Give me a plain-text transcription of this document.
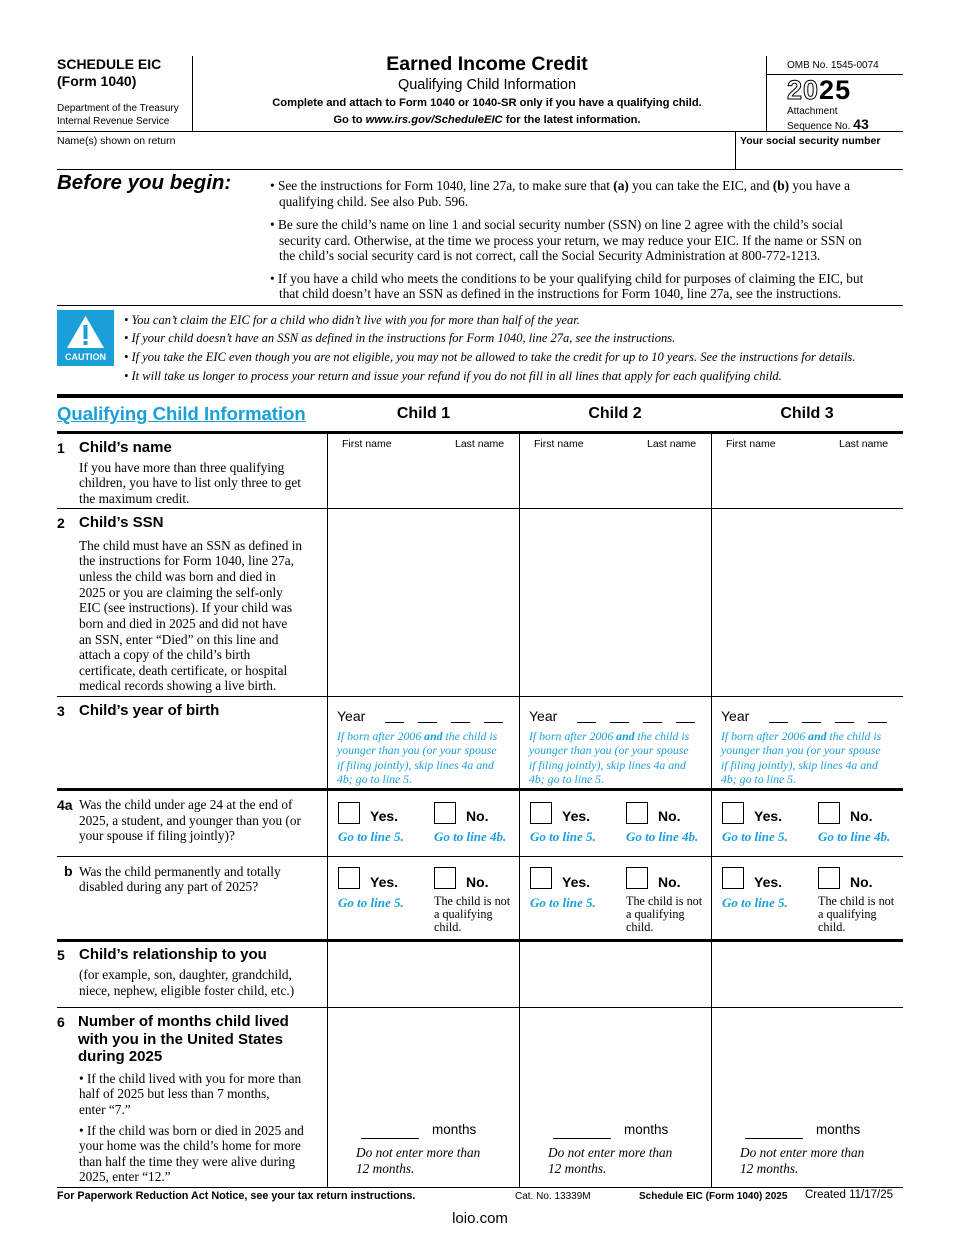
SCHEDULE EIC
(Form 1040)
Department of the Treasury
Internal Revenue Service
Earned Income Credit
Qualifying Child Information
Complete and attach to Form 1040 or 1040-SR only if you have a qualifying child.
Go to www.irs.gov/ScheduleEIC for the latest information.
OMB No. 1545-0074
2025
Attachment
Sequence No. 43
Name(s) shown on return	Your social security number
Before you begin:	• See the instructions for Form 1040, line 27a, to make sure that (a) you can take the EIC, and (b) you have a
qualifying child. See also Pub. 596.
• Be sure the child’s name on line 1 and social security number (SSN) on line 2 agree with the child’s social
security card. Otherwise, at the time we process your return, we may reduce your EIC. If the name or SSN on
the child’s social security card is not correct, call the Social Security Administration at 800-772-1213.
• If you have a child who meets the conditions to be your qualifying child for purposes of claiming the EIC, but
that child doesn’t have an SSN as defined in the instructions for Form 1040, line 27a, see the instructions.
CAUTION
• You can’t claim the EIC for a child who didn’t live with you for more than half of the year.
• If your child doesn’t have an SSN as defined in the instructions for Form 1040, line 27a, see the instructions.
• If you take the EIC even though you are not eligible, you may not be allowed to take the credit for up to 10 years. See the instructions for details.
• It will take us longer to process your return and issue your refund if you do not fill in all lines that apply for each qualifying child.
Qualifying Child Information	Child 1	Child 2	Child 3
1 Child’s name
If you have more than three qualifying
children, you have to list only three to get
the maximum credit.
First name	Last name	First name	Last name	First name	Last name
2 Child’s SSN
The child must have an SSN as defined in
the instructions for Form 1040, line 27a,
unless the child was born and died in
2025 or you are claiming the self-only
EIC (see instructions). If your child was
born and died in 2025 and did not have
an SSN, enter “Died” on this line and
attach a copy of the child’s birth
certificate, death certificate, or hospital
medical records showing a live birth.
3 Child’s year of birth	Year
If born after 2006 and the child is
younger than you (or your spouse
if filing jointly), skip lines 4a and
4b; go to line 5.
Year
If born after 2006 and the child is
younger than you (or your spouse
if filing jointly), skip lines 4a and
4b; go to line 5.
Year
If born after 2006 and the child is
younger than you (or your spouse
if filing jointly), skip lines 4a and
4b; go to line 5.
4a Was the child under age 24 at the end of
2025, a student, and younger than you (or
your spouse if filing jointly)?
Yes.	No.
Go to line 5. Go to line 4b.
Yes.	No.
Go to line 5. Go to line 4b.
Yes.	No.
Go to line 5. Go to line 4b.
b Was the child permanently and totally
disabled during any part of 2025?	Yes.	No.
Go to line 5. The child is not
a qualifying
child.
Yes.	No.
Go to line 5. The child is not
a qualifying
child.
Yes.	No.
Go to line 5. The child is not
a qualifying
child.
5 Child’s relationship to you
(for example, son, daughter, grandchild,
niece, nephew, eligible foster child, etc.)
6 Number of months child lived
with you in the United States
during 2025
• If the child lived with you for more than
half of 2025 but less than 7 months,
enter “7.”
• If the child was born or died in 2025 and
your home was the child’s home for more
than half the time they were alive during
2025, enter “12.”
months
Do not enter more than
12 months.
months
Do not enter more than
12 months.
months
Do not enter more than
12 months.
For Paperwork Reduction Act Notice, see your tax return instructions.	Cat. No. 13339M	Schedule EIC (Form 1040) 2025 Created 11/17/25
loio.com
